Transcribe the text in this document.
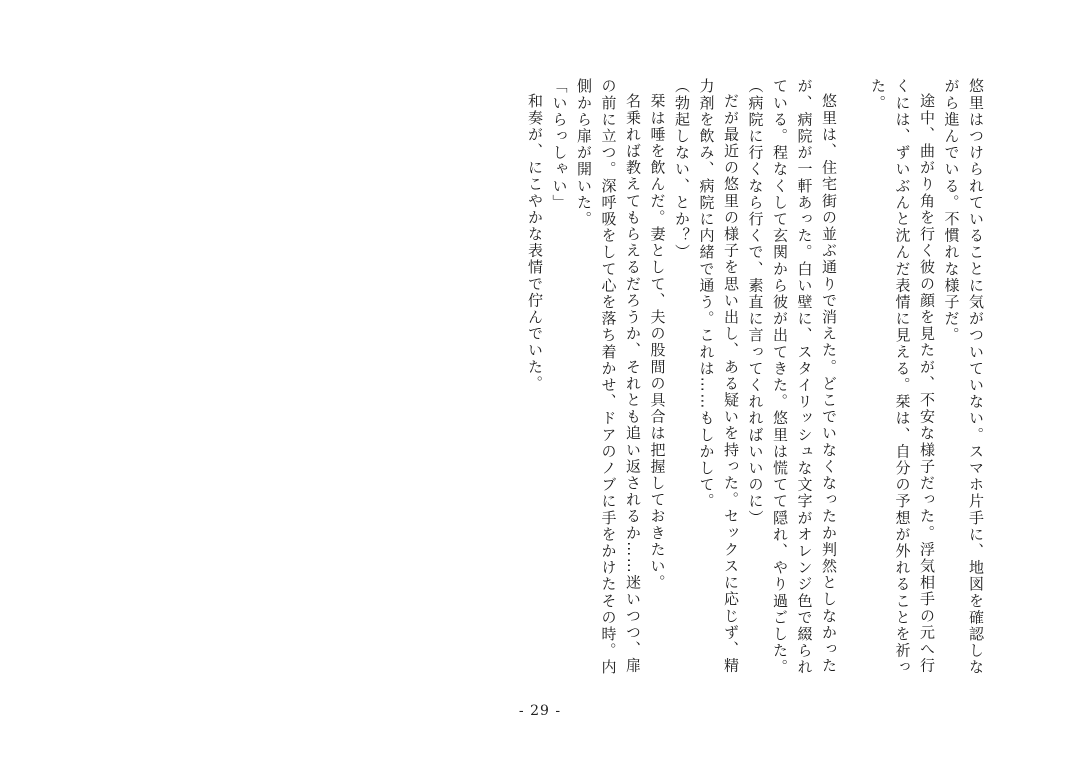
悠里はつけられていることに気がついていない。スマホ片手に、地図を確認しながら進んでいる。不慣れな様子だ。

途中、曲がり角を行く彼の顔を見たが、不安な様子だった。浮気相手の元へ行くには、ずいぶんと沈んだ表情に見える。栞は、自分の予想が外れることを祈った。

悠里は、住宅街の並ぶ通りで消えた。どこでいなくなったか判然としなかったが、病院が一軒あった。白い壁に、スタイリッシュな文字がオレンジ色で綴られている。程なくして玄関から彼が出てきた。悠里は慌てて隠れ、やり過ごした。

（病院に行くなら行くで、素直に言ってくれればいいのに）

だが最近の悠里の様子を思い出し、ある疑いを持った。セックスに応じず、精力剤を飲み、病院に内緒で通う。これは……もしかして。

（勃起しない、とか？）

栞は唾を飲んだ。妻として、夫の股間の具合は把握しておきたい。

名乗れば教えてもらえるだろうか、それとも追い返されるか……迷いつつ、扉の前に立つ。深呼吸をして心を落ち着かせ、ドアのノブに手をかけたその時。内側から扉が開いた。

「いらっしゃい」

和奏が、にこやかな表情で佇んでいた。

- 29 -
